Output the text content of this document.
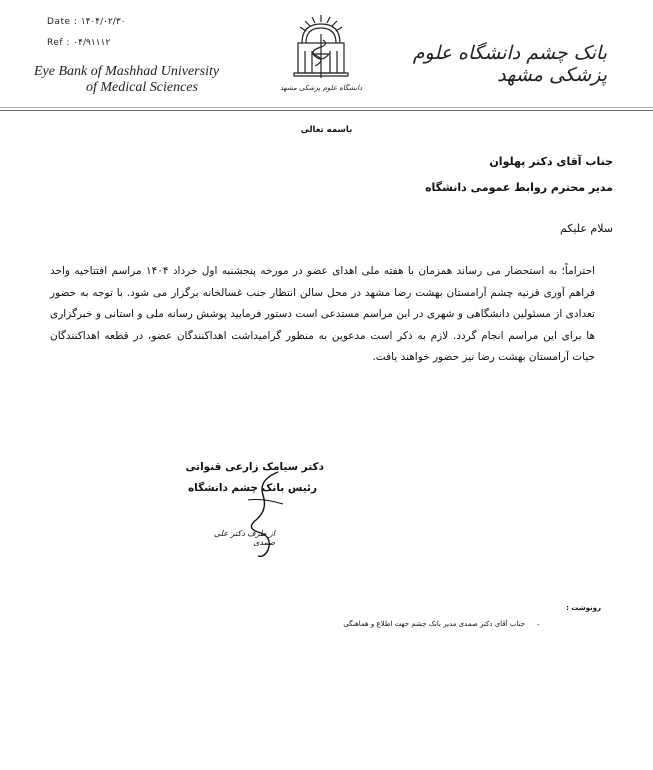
Date : ۱۴۰۴/۰۲/۳۰
Ref : ۰۴/۹۱۱۱۲
Eye Bank of Mashhad University
of Medical Sciences	دانشگاه علوم پزشکی مشهد
بانک چشم دانشگاه علوم پزشکی مشهد
باسمه تعالی
جناب آقای دکتر پهلوان
مدیر محترم روابط عمومی دانشگاه
سلام علیکم
احتراماً؛ به استحضار می رساند همزمان با هفته ملی اهدای عضو در مورخه پنجشنبه اول خرداد ۱۴۰۴ مراسم افتتاحیه واحد فراهم آوری قرنیه چشم آرامستان بهشت رضا مشهد در محل سالن انتظار جنب غسالخانه برگزار می شود. با توجه به حضور تعدادی از مسئولین دانشگاهی و شهری در این مراسم مستدعی است دستور فرمایید پوشش رسانه ملی و استانی و خبرگزاری ها برای این مراسم انجام گردد. لازم به ذکر است مدعوین به منظور گرامیداشت اهداکنندگان عضو، در قطعه اهداکنندگان حیات آرامستان بهشت رضا نیز حضور خواهند یافت.
دکتر سیامک زارعی قنواتی
رئیس بانک چشم دانشگاه
از طرف دکتر علی صمدی
رونوشت :
-
جناب آقای دکتر صمدی مدیر بانک چشم جهت اطلاع و هماهنگی
